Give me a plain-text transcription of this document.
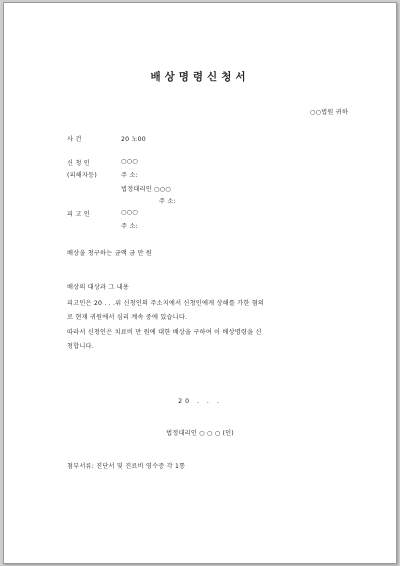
배상명령신청서
○○법원 귀하
사 건	20 노00
신 청 인	○○○
(피해자등)	주 소:
법정대리인 ○○○
주 소:
피 고 인	○○○
주 소:
배상을 청구하는 금액 금 만 원
배상의 대상과 그 내용
피고인은 20 . . .위 신청인의 주소지에서 신청인에게 상해를 가한 혐의
로 현재 귀원에서 심리 계속 중에 있습니다.
따라서 신청인은 치료비 만 원에 대한 배상을 구하여 이 배상명령을 신
청합니다.
20 . . .
법정대리인 ○ ○ ○ (인)
첨부서류: 진단서 및 진료비 영수증 각 1통
